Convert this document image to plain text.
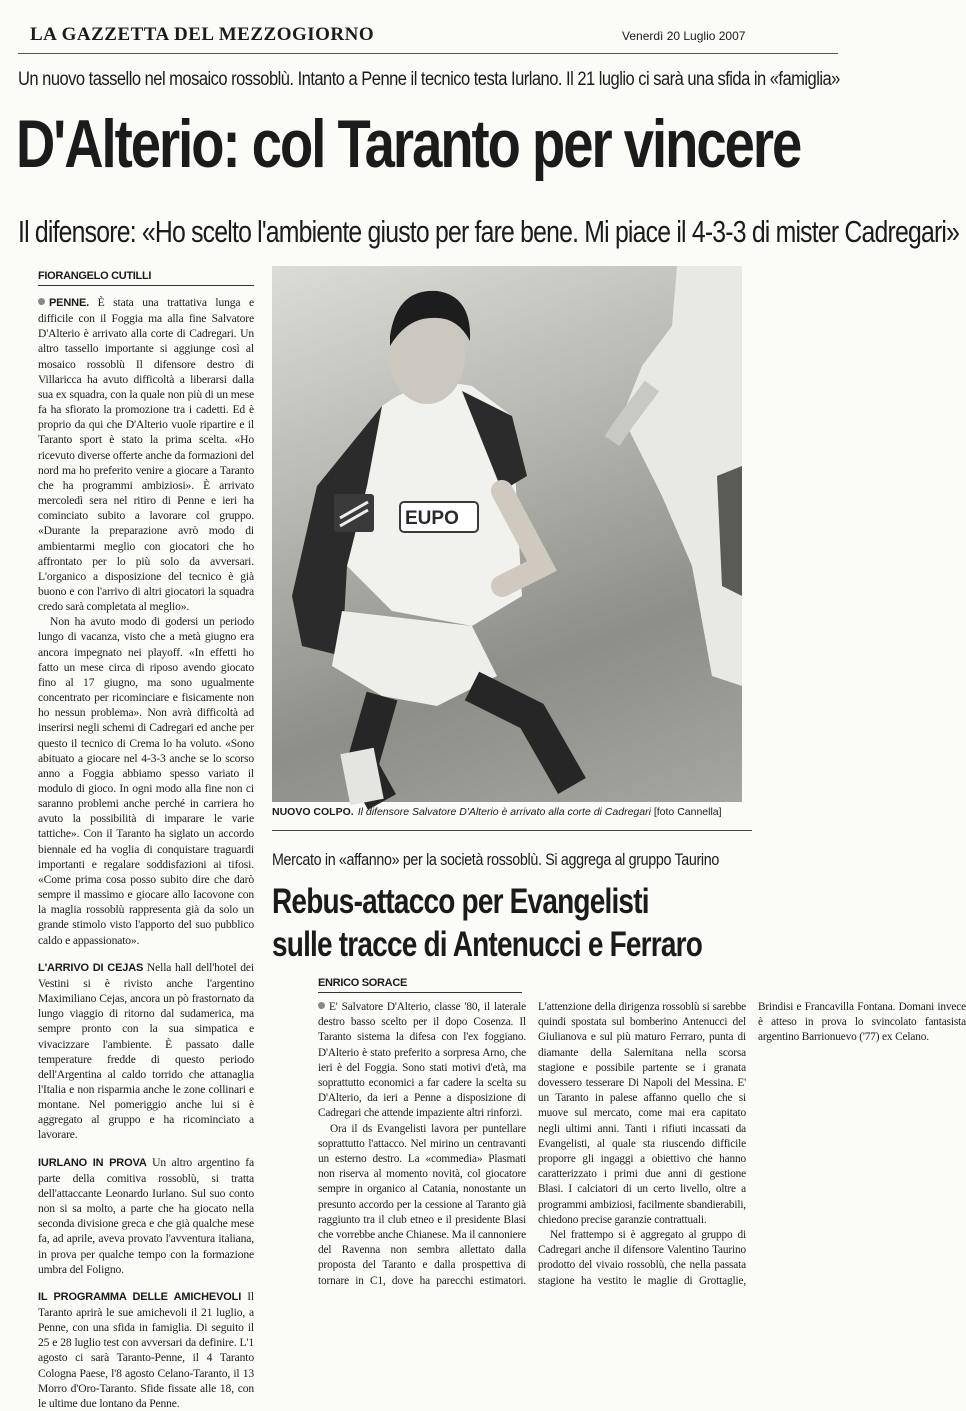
LA GAZZETTA DEL MEZZOGIORNO	Venerdì 20 Luglio 2007
Un nuovo tassello nel mosaico rossoblù. Intanto a Penne il tecnico testa Iurlano. Il 21 luglio ci sarà una sfida in «famiglia»
D'Alterio: col Taranto per vincere
Il difensore: «Ho scelto l'ambiente giusto per fare bene. Mi piace il 4-3-3 di mister Cadregari»
FIORANGELO CUTILLI

PENNE. È stata una trattativa lunga e difficile con il Foggia ma alla fine Salvatore D'Alterio è arrivato alla corte di Cadregari. Un altro tassello importante si aggiunge così al mosaico rossoblù Il difensore destro di Villaricca ha avuto difficoltà a liberarsi dalla sua ex squadra, con la quale non più di un mese fa ha sfiorato la promozione tra i cadetti. Ed è proprio da qui che D'Alterio vuole ripartire e il Taranto sport è stato la prima scelta. «Ho ricevuto diverse offerte anche da formazioni del nord ma ho preferito venire a giocare a Taranto che ha programmi ambiziosi». È arrivato mercoledì sera nel ritiro di Penne e ieri ha cominciato subito a lavorare col gruppo. «Durante la preparazione avrò modo di ambientarmi meglio con giocatori che ho affrontato per lo più solo da avversari. L'organico a disposizione del tecnico è già buono e con l'arrivo di altri giocatori la squadra credo sarà completata al meglio».

Non ha avuto modo di godersi un periodo lungo di vacanza, visto che a metà giugno era ancora impegnato nei playoff. «In effetti ho fatto un mese circa di riposo avendo giocato fino al 17 giugno, ma sono ugualmente concentrato per ricominciare e fisicamente non ho nessun problema». Non avrà difficoltà ad inserirsi negli schemi di Cadregari ed anche per questo il tecnico di Crema lo ha voluto. «Sono abituato a giocare nel 4-3-3 anche se lo scorso anno a Foggia abbiamo spesso variato il modulo di gioco. In ogni modo alla fine non ci saranno problemi anche perché in carriera ho avuto la possibilità di imparare le varie tattiche». Con il Taranto ha siglato un accordo biennale ed ha voglia di conquistare traguardi importanti e regalare soddisfazioni ai tifosi. «Come prima cosa posso subito dire che darò sempre il massimo e giocare allo Iacovone con la maglia rossoblù rappresenta già da solo un grande stimolo visto l'apporto del suo pubblico caldo e appassionato».

L'ARRIVO DI CEJAS Nella hall dell'hotel dei Vestini si è rivisto anche l'argentino Maximiliano Cejas, ancora un pò frastornato da lungo viaggio di ritorno dal sudamerica, ma sempre pronto con la sua simpatica e vivacizzare l'ambiente. È passato dalle temperature fredde di questo periodo dell'Argentina al caldo torrido che attanaglia l'Italia e non risparmia anche le zone collinari e montane. Nel pomeriggio anche lui si è aggregato al gruppo e ha ricominciato a lavorare.

IURLANO IN PROVA Un altro argentino fa parte della comitiva rossoblù, si tratta dell'attaccante Leonardo Iurlano. Sul suo conto non si sa molto, a parte che ha giocato nella seconda divisione greca e che già qualche mese fa, ad aprile, aveva provato l'avventura italiana, in prova per qualche tempo con la formazione umbra del Foligno.

IL PROGRAMMA DELLE AMICHEVOLI Il Taranto aprirà le sue amichevoli il 21 luglio, a Penne, con una sfida in famiglia. Di seguito il 25 e 28 luglio test con avversari da definire. L'1 agosto ci sarà Taranto-Penne, il 4 Taranto Cologna Paese, l'8 agosto Celano-Taranto, il 13 Morro d'Oro-Taranto. Sfide fissate alle 18, con le ultime due lontano da Penne.

EUPO
NUOVO COLPO. Il difensore Salvatore D'Alterio è arrivato alla corte di Cadregari [foto Cannella]
Mercato in «affanno» per la società rossoblù. Si aggrega al gruppo Taurino
Rebus-attacco per Evangelisti
sulle tracce di Antenucci e Ferraro
ENRICO SORACE

E' Salvatore D'Alterio, classe '80, il laterale destro basso scelto per il dopo Cosenza. Il Taranto sistema la difesa con l'ex foggiano. D'Alterio è stato preferito a sorpresa Arno, che ieri è del Foggia. Sono stati motivi d'età, ma soprattutto economici a far cadere la scelta su D'Alterio, da ieri a Penne a disposizione di Cadregari che attende impaziente altri rinforzi.

Ora il ds Evangelisti lavora per puntellare soprattutto l'attacco. Nel mirino un centravanti un esterno destro. La «commedia» Plasmati non riserva al momento novità, col giocatore sempre in organico al Catania, nonostante un presunto accordo per la cessione al Taranto già raggiunto tra il club etneo e il presidente Blasi che vorrebbe anche Chianese. Ma il cannoniere del Ravenna non sembra allettato dalla proposta del Taranto e dalla prospettiva di tornare in C1, dove ha parecchi estimatori. L'attenzione della dirigenza rossoblù si sarebbe quindi spostata sul bomberino Antenucci del Giulianova e sul più maturo Ferraro, punta di diamante della Salernitana nella scorsa stagione e possibile partente se i granata dovessero tesserare Di Napoli del Messina. E' un Taranto in palese affanno quello che si muove sul mercato, come mai era capitato negli ultimi anni. Tanti i rifiuti incassati da Evangelisti, al quale sta riuscendo difficile proporre gli ingaggi a obiettivo che hanno caratterizzato i primi due anni di gestione Blasi. I calciatori di un certo livello, oltre a programmi ambiziosi, facilmente sbandierabili, chiedono precise garanzie contrattuali.

Nel frattempo si è aggregato al gruppo di Cadregari anche il difensore Valentino Taurino prodotto del vivaio rossoblù, che nella passata stagione ha vestito le maglie di Grottaglie, Brindisi e Francavilla Fontana. Domani invece è atteso in prova lo svincolato fantasista argentino Barrionuevo ('77) ex Celano.
